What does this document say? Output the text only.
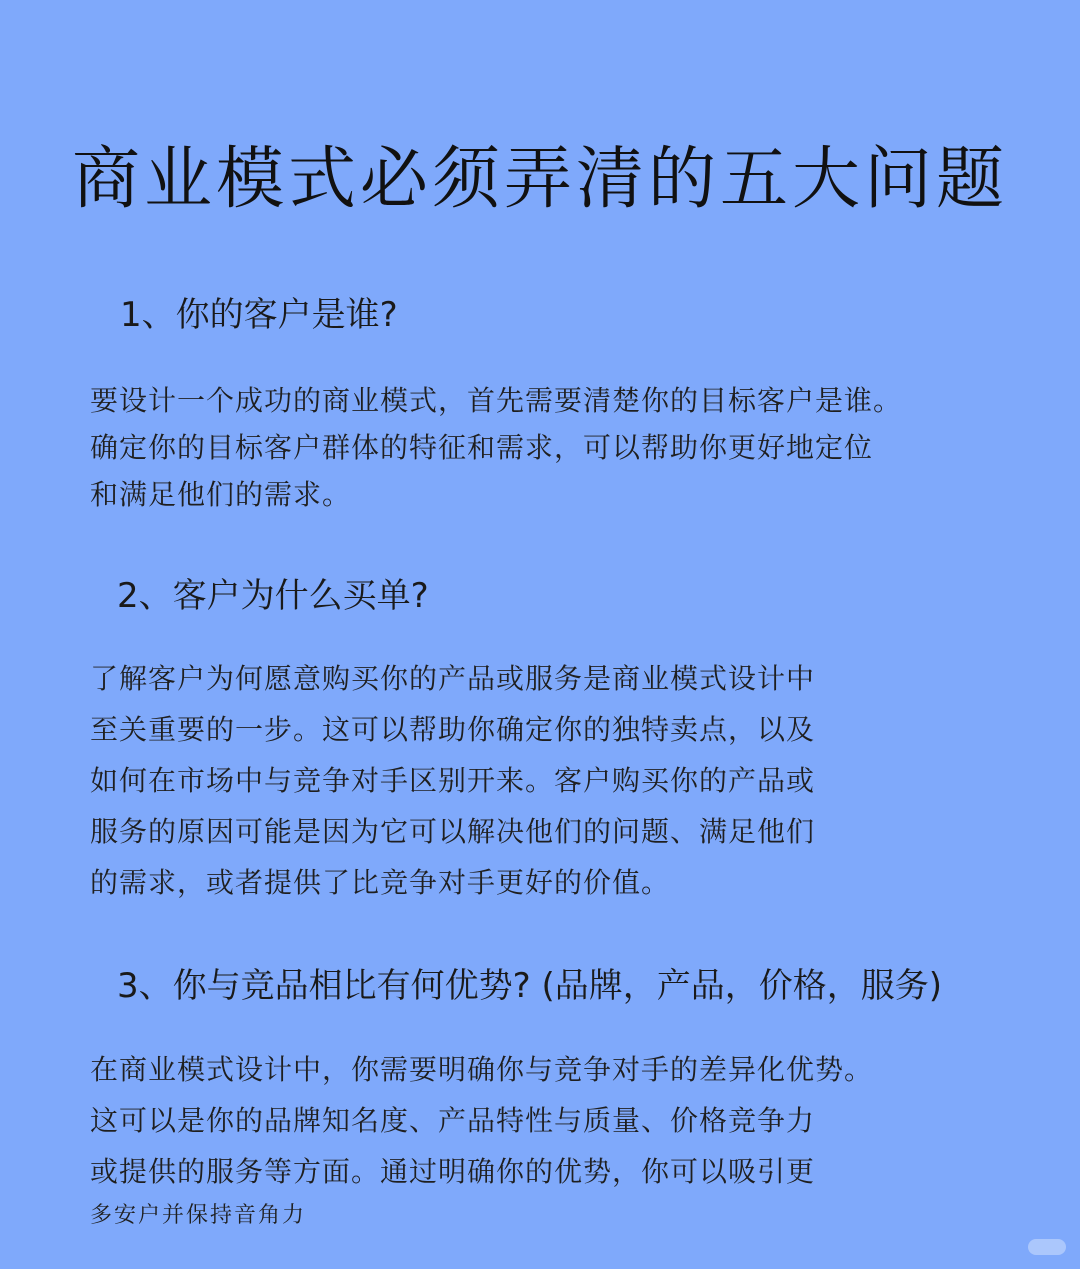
商业模式必须弄清的五大问题
1、你的客户是谁?
要设计一个成功的商业模式，首先需要清楚你的目标客户是谁。
确定你的目标客户群体的特征和需求，可以帮助你更好地定位
和满足他们的需求。
2、客户为什么买单?
了解客户为何愿意购买你的产品或服务是商业模式设计中
至关重要的一步。这可以帮助你确定你的独特卖点，以及
如何在市场中与竞争对手区别开来。客户购买你的产品或
服务的原因可能是因为它可以解决他们的问题、满足他们
的需求，或者提供了比竞争对手更好的价值。
3、你与竞品相比有何优势? (品牌，产品，价格，服务)
在商业模式设计中，你需要明确你与竞争对手的差异化优势。
这可以是你的品牌知名度、产品特性与质量、价格竞争力
或提供的服务等方面。通过明确你的优势，你可以吸引更
多安户并保持音角力
